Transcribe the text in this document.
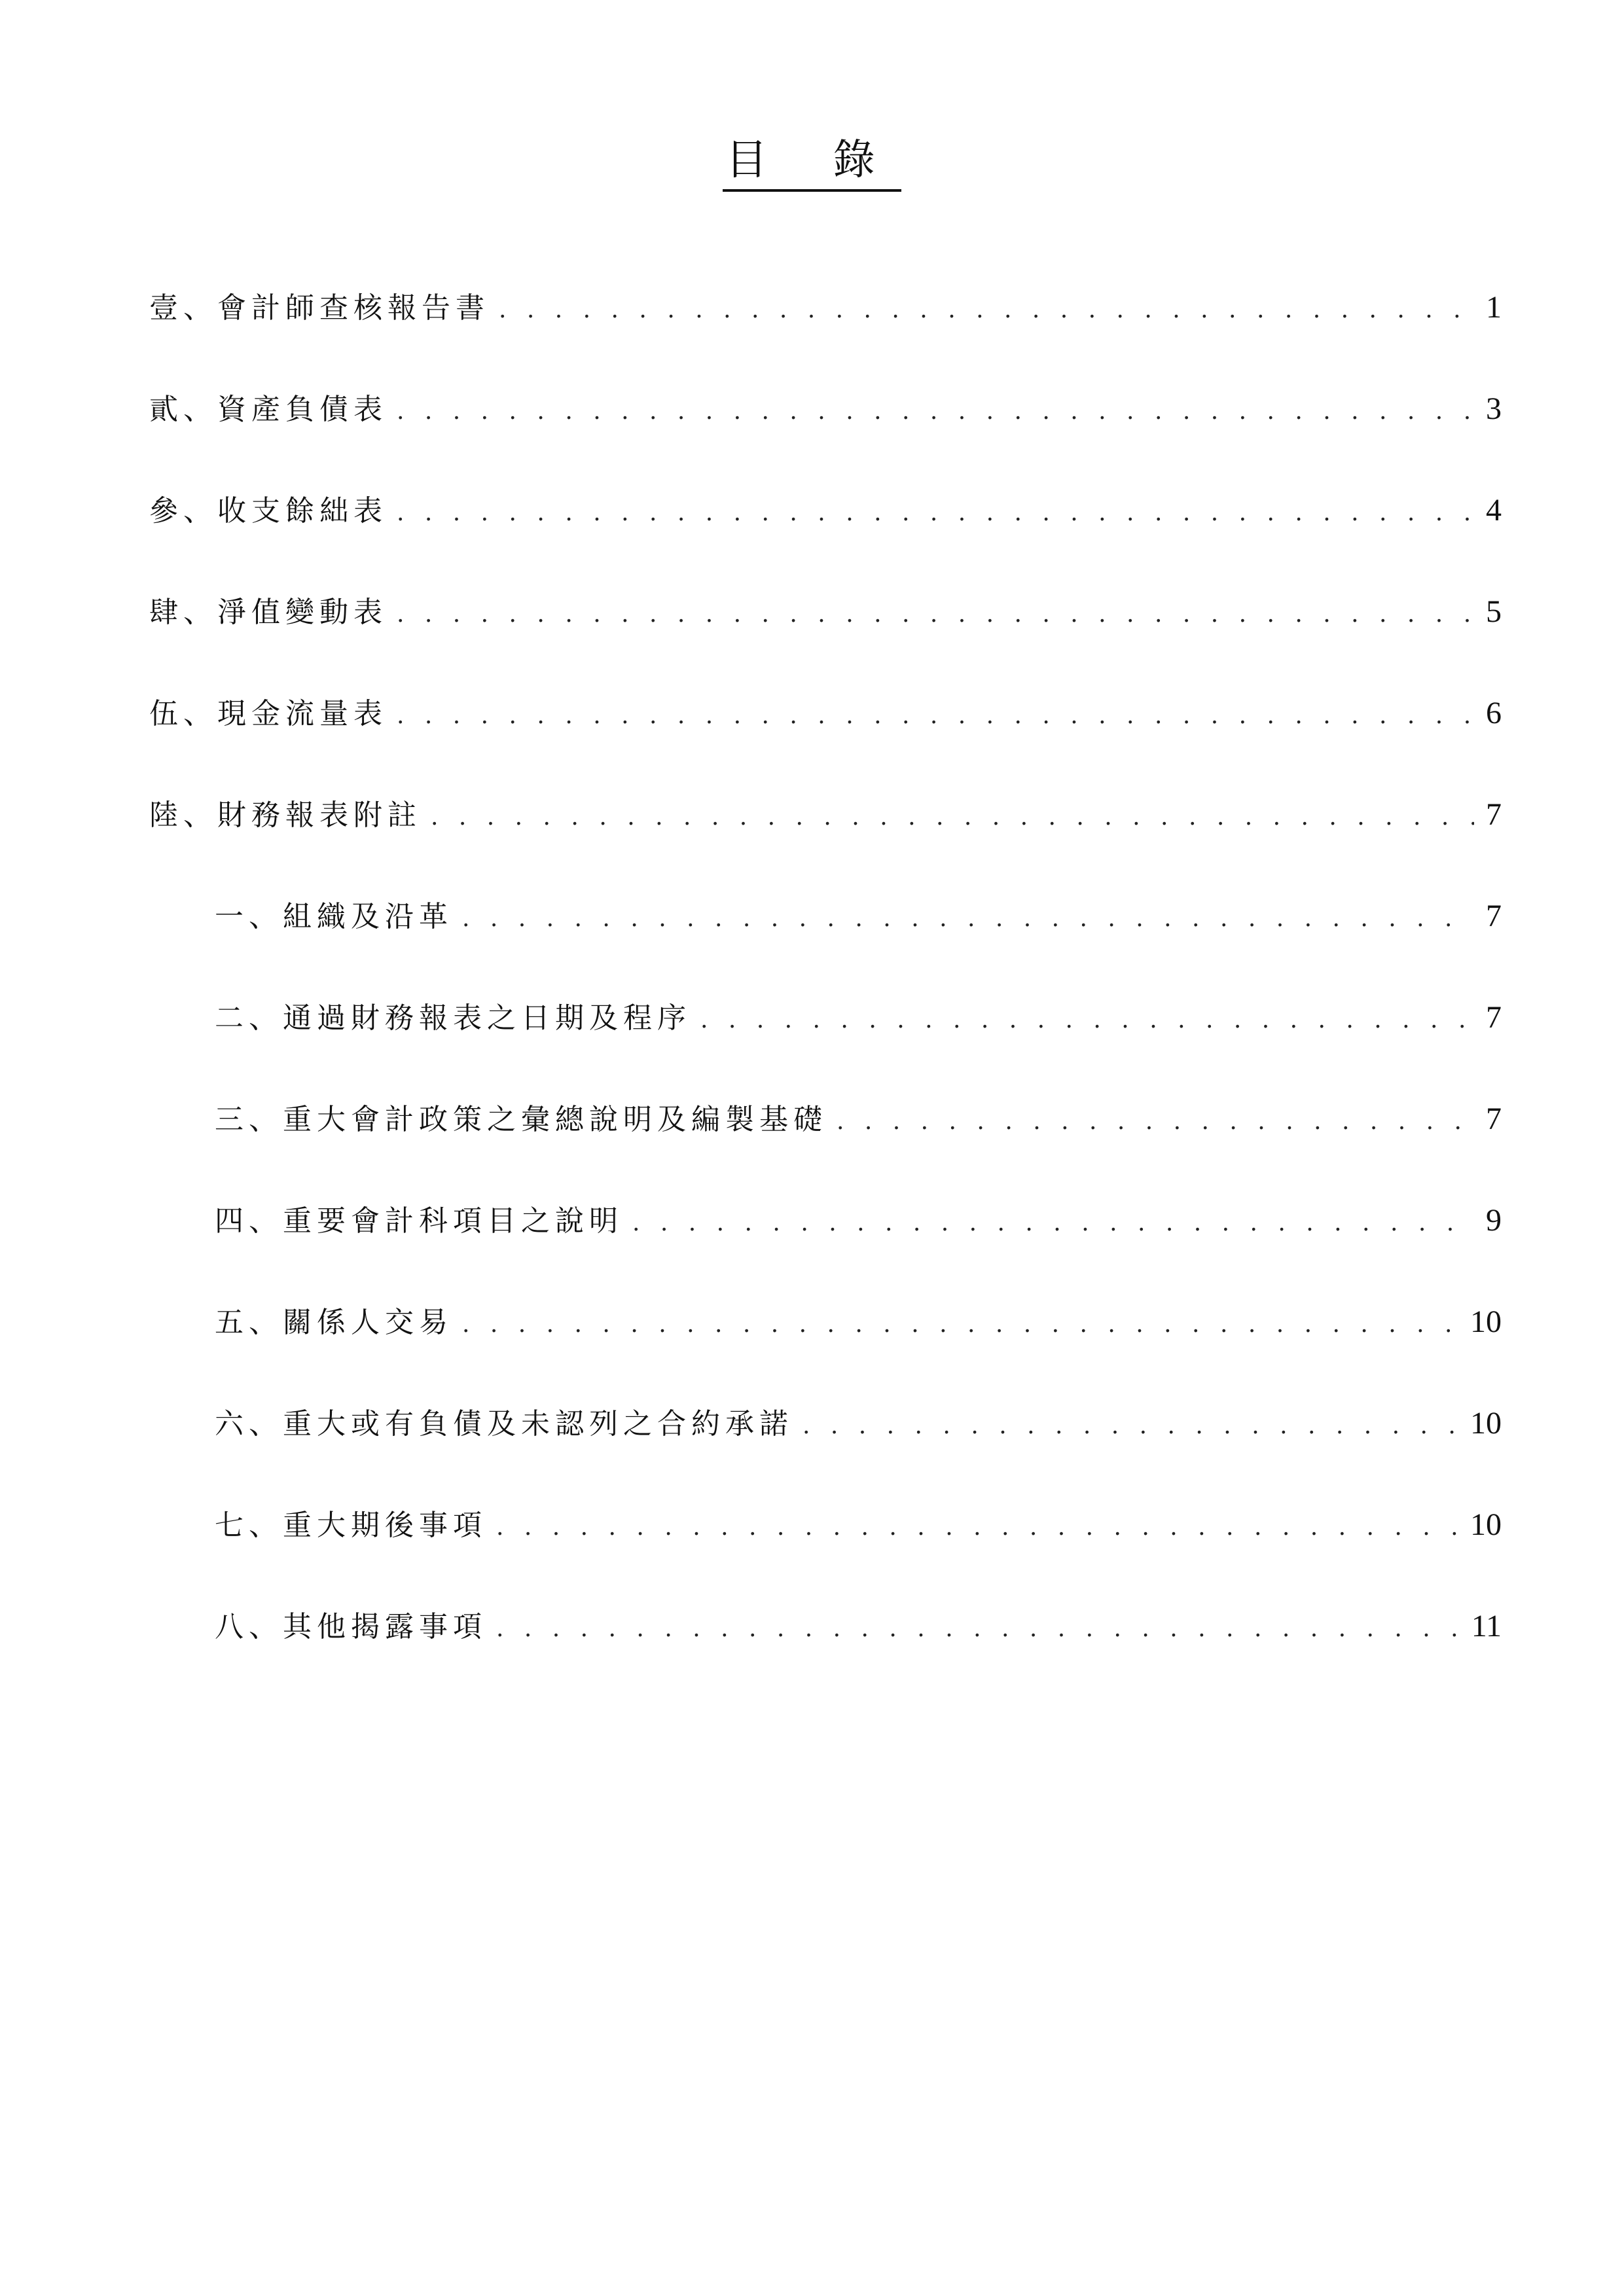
目 錄
壹、會計師查核報告書 . . .	1
貳、資產負債表 . . .	3
參、收支餘絀表 . . .	4
肆、淨值變動表 . . .	5
伍、現金流量表 . . .	6
陸、財務報表附註 . . .	7
一、組織及沿革 . . .	7
二、通過財務報表之日期及程序 . . .	7
三、重大會計政策之彙總說明及編製基礎 . . .	7
四、重要會計科項目之說明 . . .	9
五、關係人交易 . . .	10
六、重大或有負債及未認列之合約承諾 . . .	10
七、重大期後事項 . . .	10
八、其他揭露事項 . . .	11
